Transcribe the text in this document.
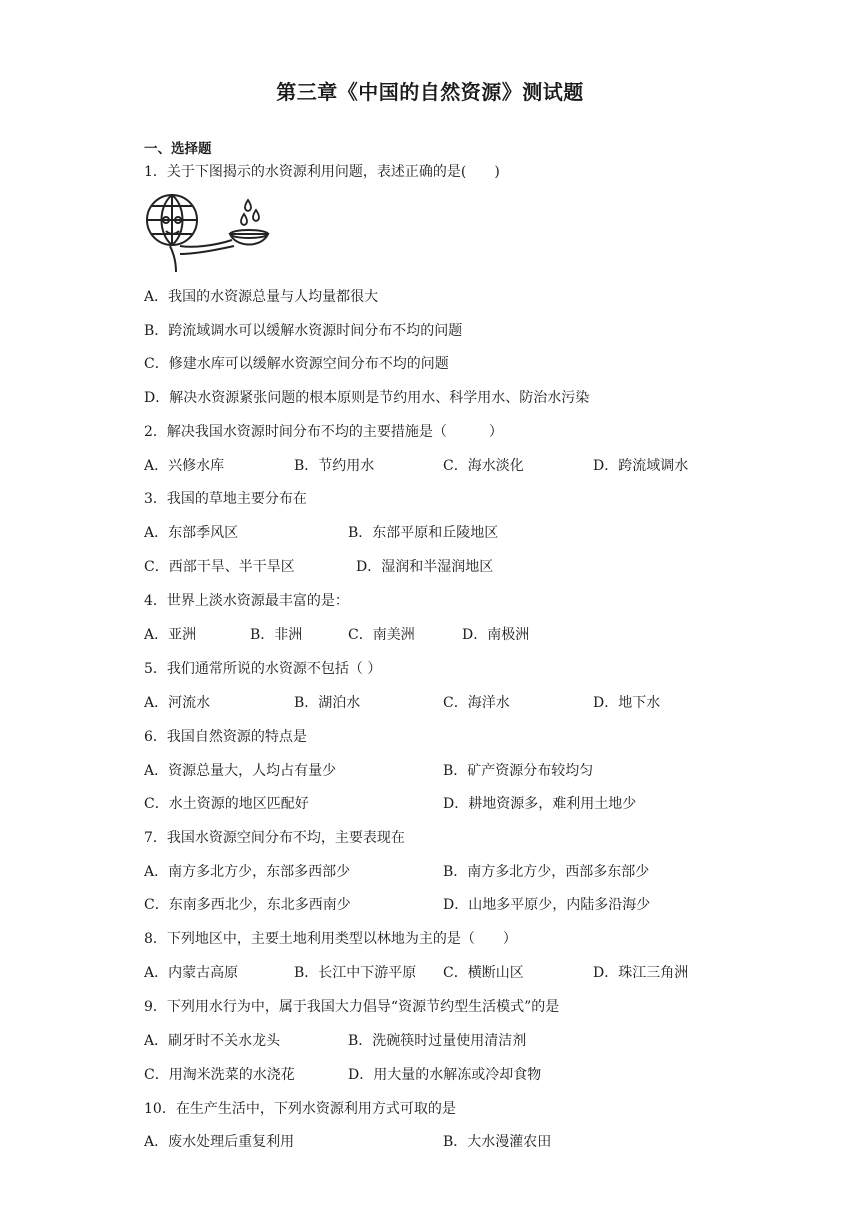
第三章《中国的自然资源》测试题
一、选择题
1．关于下图揭示的水资源利用问题，表述正确的是(　　)
A．我国的水资源总量与人均量都很大
B．跨流域调水可以缓解水资源时间分布不均的问题
C．修建水库可以缓解水资源空间分布不均的问题
D．解决水资源紧张问题的根本原则是节约用水、科学用水、防治水污染
2．解决我国水资源时间分布不均的主要措施是（　　　）
A．兴修水库	B．节约用水	C．海水淡化	D．跨流域调水
3．我国的草地主要分布在
A．东部季风区	B．东部平原和丘陵地区
C．西部干旱、半干旱区	D．湿润和半湿润地区
4．世界上淡水资源最丰富的是：
A．亚洲	B．非洲	C．南美洲	D．南极洲
5．我们通常所说的水资源不包括（ ）
A．河流水	B．湖泊水	C．海洋水	D．地下水
6．我国自然资源的特点是
A．资源总量大，人均占有量少	B．矿产资源分布较均匀
C．水土资源的地区匹配好	D．耕地资源多，难利用土地少
7．我国水资源空间分布不均，主要表现在
A．南方多北方少，东部多西部少	B．南方多北方少，西部多东部少
C．东南多西北少，东北多西南少	D．山地多平原少，内陆多沿海少
8．下列地区中，主要土地利用类型以林地为主的是（　　）
A．内蒙古高原	B．长江中下游平原 C．横断山区	D．珠江三角洲
9．下列用水行为中，属于我国大力倡导“资源节约型生活模式”的是
A．刷牙时不关水龙头	B．洗碗筷时过量使用清洁剂
C．用淘米洗菜的水浇花	D．用大量的水解冻或冷却食物
10．在生产生活中，下列水资源利用方式可取的是
A．废水处理后重复利用	B．大水漫灌农田
